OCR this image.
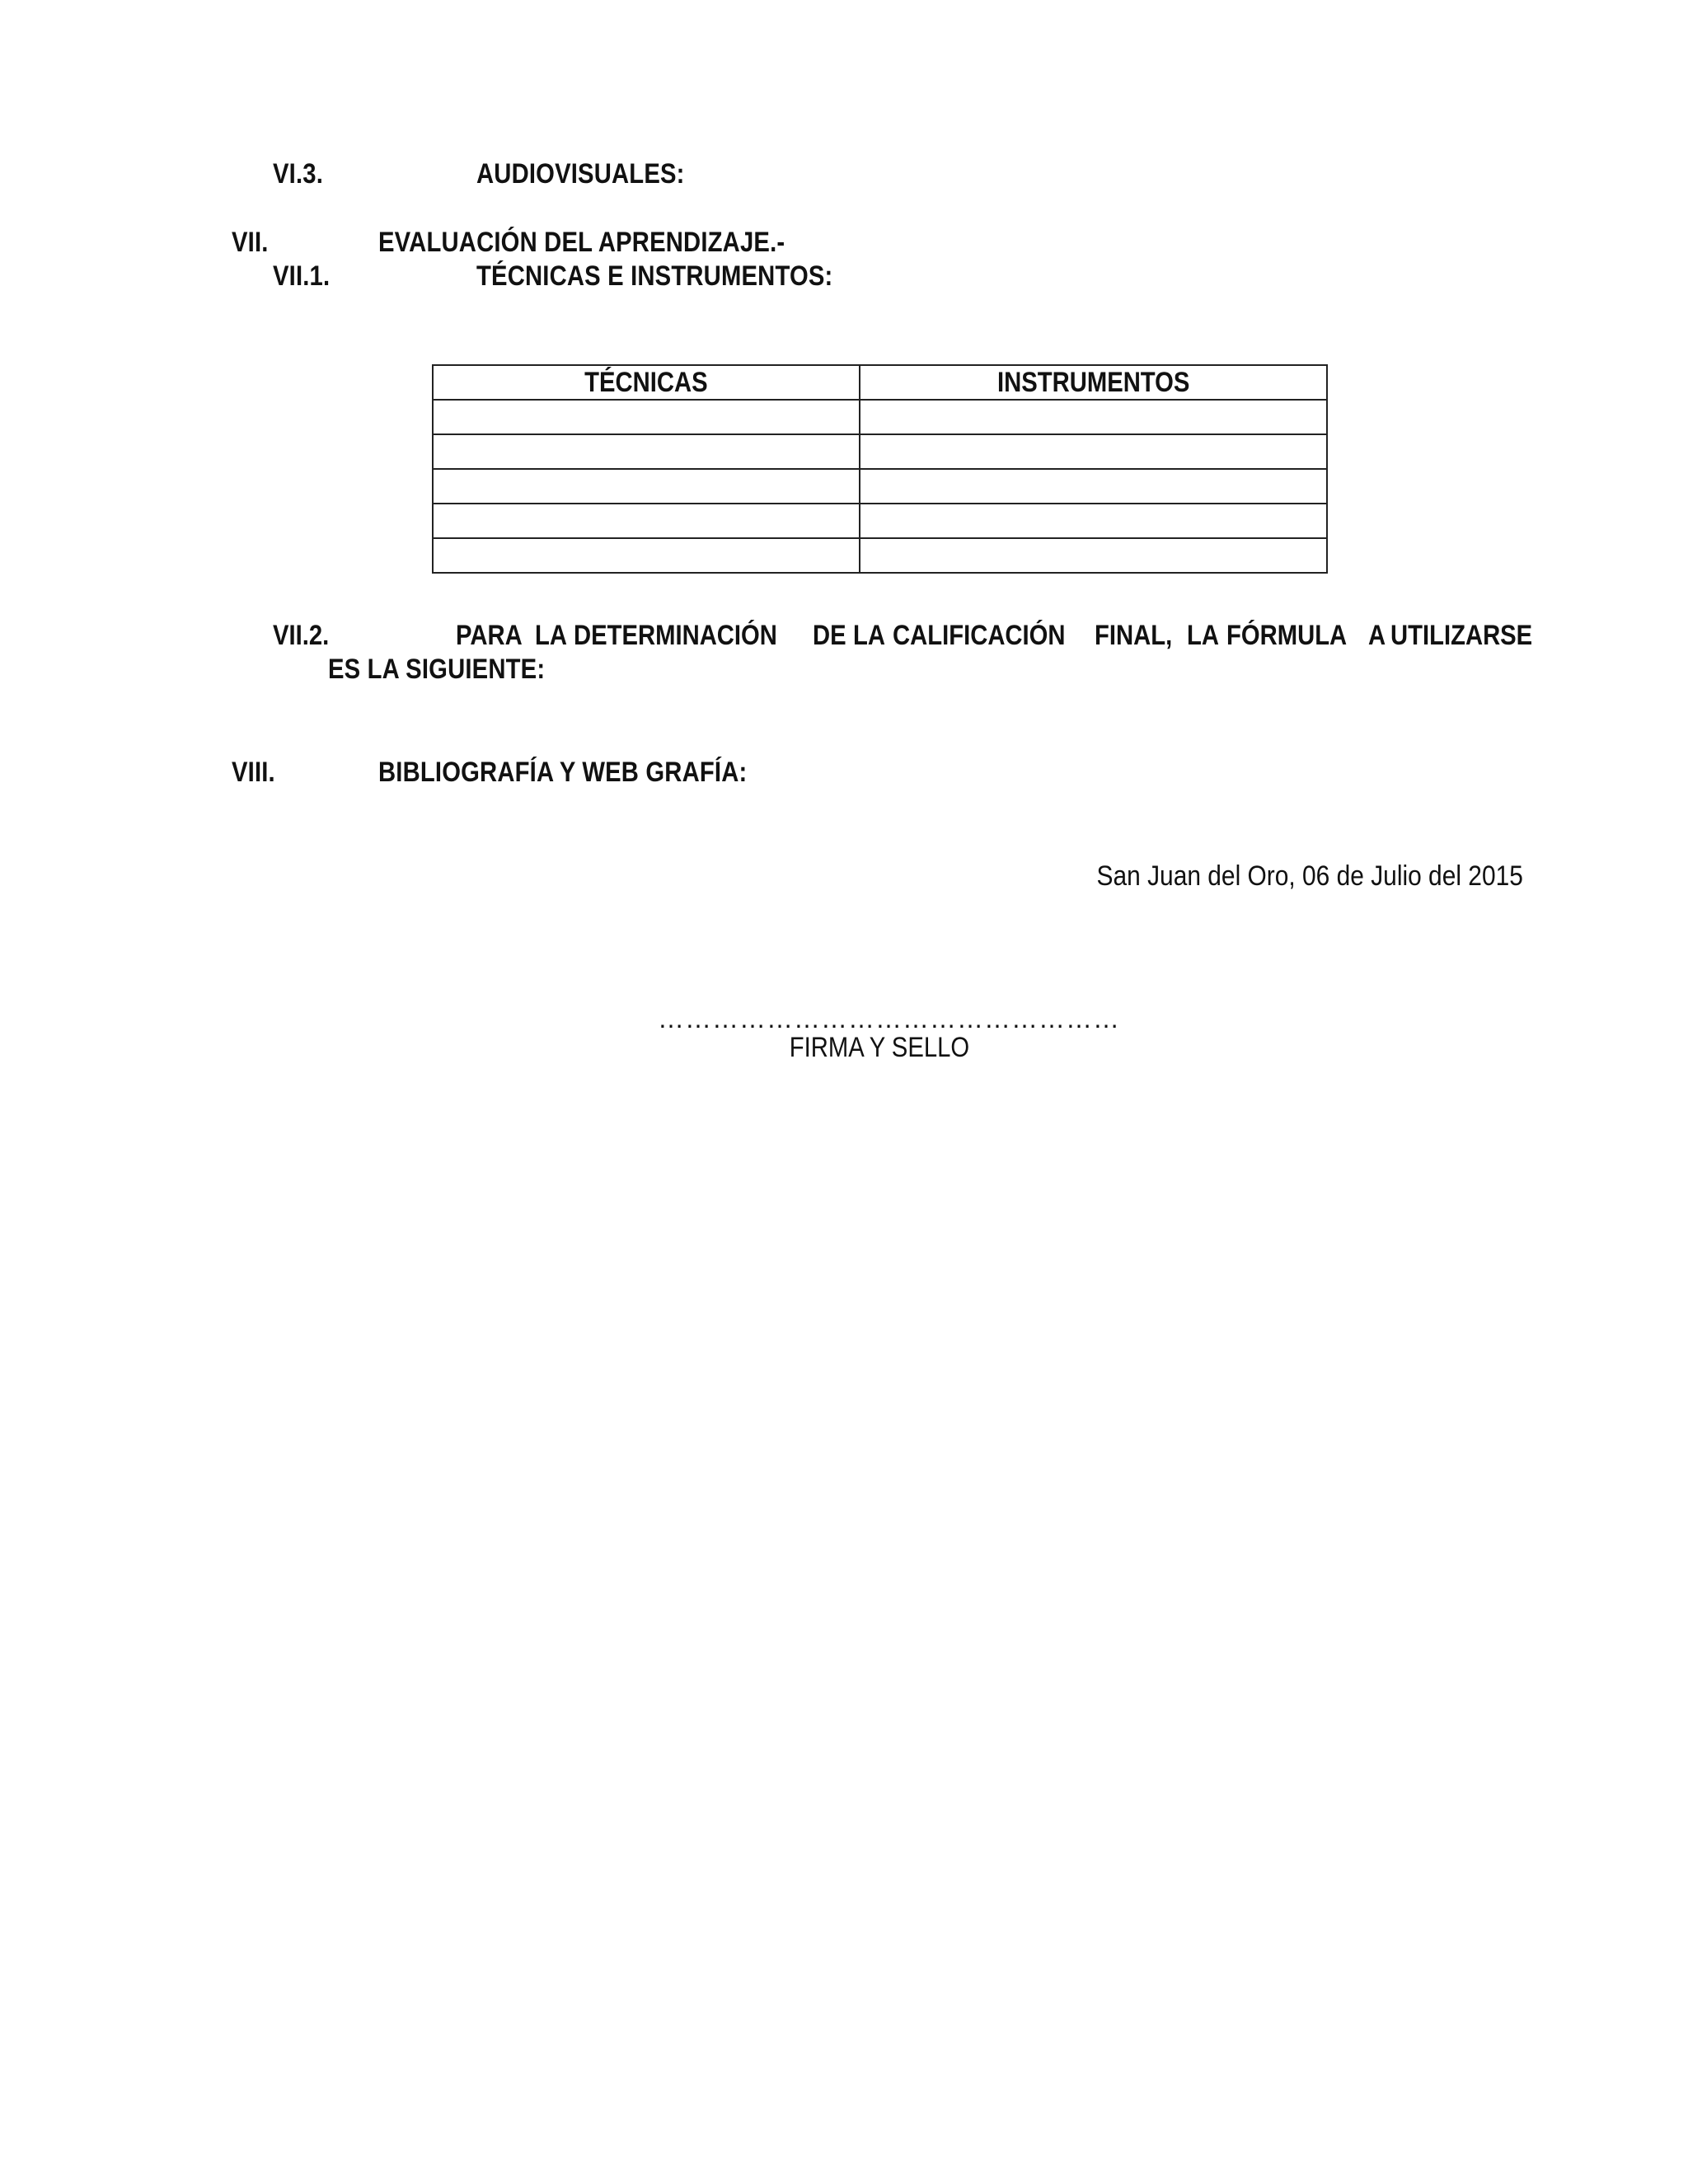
VI.3.	AUDIOVISUALES:
VII.	EVALUACIÓN DEL APRENDIZAJE.-
VII.1.	TÉCNICAS E INSTRUMENTOS:
TÉCNICAS	INSTRUMENTOS

VII.2.	PARA LA DETERMINACIÓN DE LA CALIFICACIÓN FINAL, LA FÓRMULA A UTILIZARSE
ES LA SIGUIENTE:
VIII.	BIBLIOGRAFÍA Y WEB GRAFÍA:
San Juan del Oro, 06 de Julio del 2015
……………………………………………
FIRMA Y SELLO
